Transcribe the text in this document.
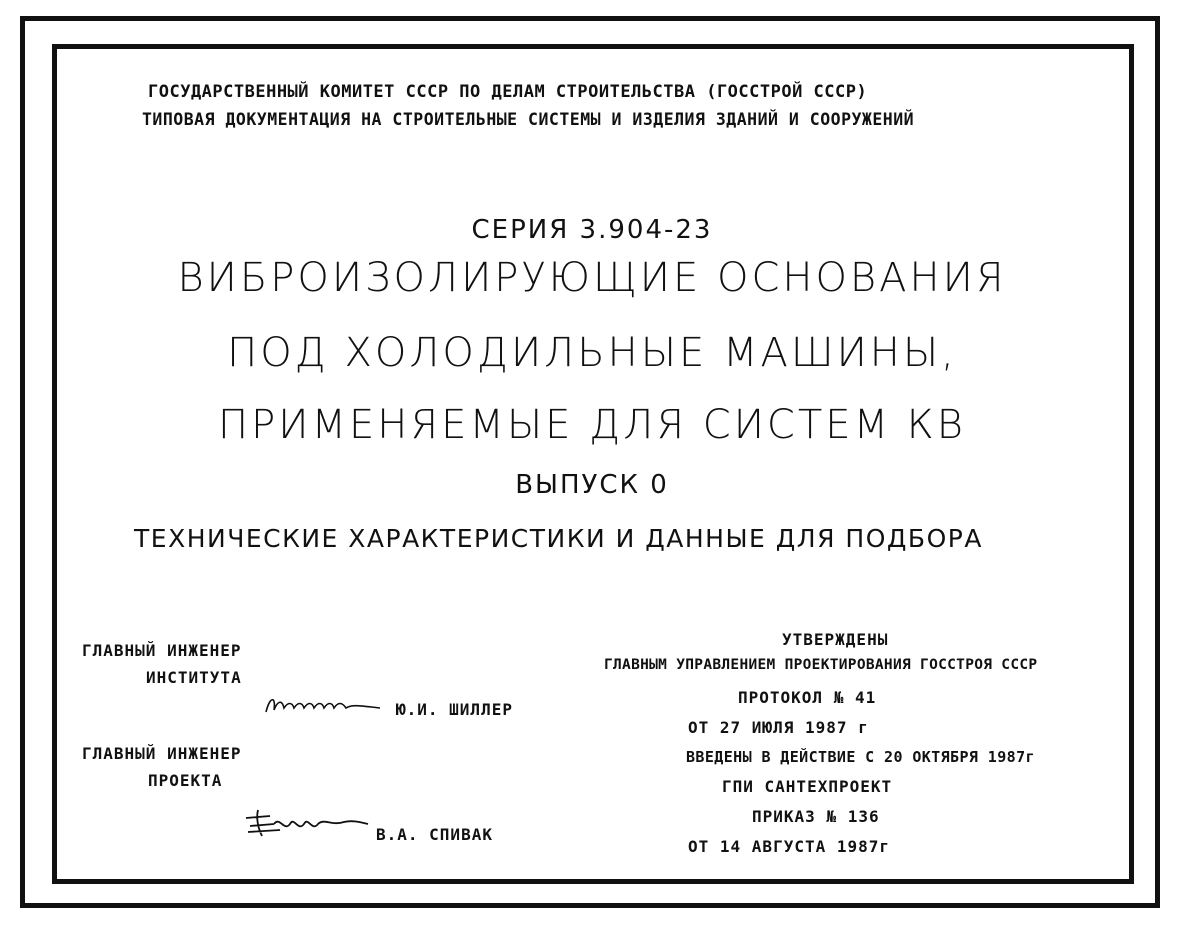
ГОСУДАРСТВЕННЫЙ КОМИТЕТ СССР ПО ДЕЛАМ СТРОИТЕЛЬСТВА (ГОССТРОЙ СССР)
ТИПОВАЯ ДОКУМЕНТАЦИЯ НА СТРОИТЕЛЬНЫЕ СИСТЕМЫ И ИЗДЕЛИЯ ЗДАНИЙ И СООРУЖЕНИЙ
СЕРИЯ 3.904-23
ВИБРОИЗОЛИРУЮЩИЕ ОСНОВАНИЯ
ПОД ХОЛОДИЛЬНЫЕ МАШИНЫ,
ПРИМЕНЯЕМЫЕ ДЛЯ СИСТЕМ КВ
ВЫПУСК 0
ТЕХНИЧЕСКИЕ ХАРАКТЕРИСТИКИ И ДАННЫЕ ДЛЯ ПОДБОРА
ГЛАВНЫЙ ИНЖЕНЕР
ИНСТИТУТА
Ю.И. ШИЛЛЕР
ГЛАВНЫЙ ИНЖЕНЕР
ПРОЕКТА
В.А. СПИВАК
УТВЕРЖДЕНЫ
ГЛАВНЫМ УПРАВЛЕНИЕМ ПРОЕКТИРОВАНИЯ ГОССТРОЯ СССР
ПРОТОКОЛ № 41
ОТ 27 ИЮЛЯ 1987 г
ВВЕДЕНЫ В ДЕЙСТВИЕ С 20 ОКТЯБРЯ 1987г
ГПИ САНТЕХПРОЕКТ
ПРИКАЗ № 136
ОТ 14 АВГУСТА 1987г
